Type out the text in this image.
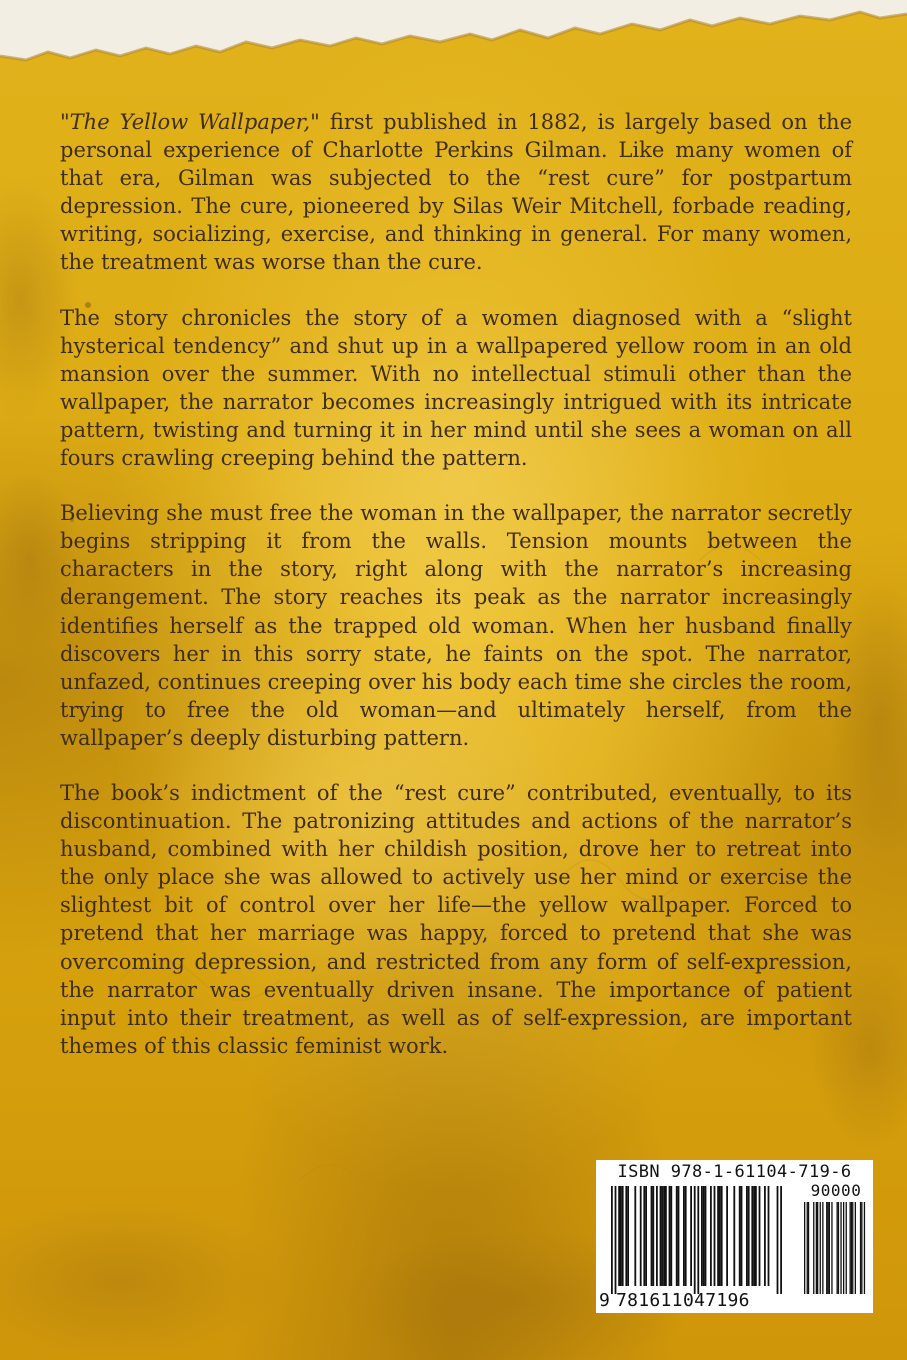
"The Yellow Wallpaper," first published in 1882, is largely based on the personal experience of Charlotte Perkins Gilman. Like many women of that era, Gilman was subjected to the “rest cure” for postpartum depression. The cure, pioneered by Silas Weir Mitchell, forbade reading, writing, socializing, exercise, and thinking in general. For many women, the treatment was worse than the cure.

The story chronicles the story of a women diagnosed with a “slight hysterical tendency” and shut up in a wallpapered yellow room in an old mansion over the summer. With no intellectual stimuli other than the wallpaper, the narrator becomes increasingly intrigued with its intricate pattern, twisting and turning it in her mind until she sees a woman on all fours crawling creeping behind the pattern.

Believing she must free the woman in the wallpaper, the narrator secretly begins stripping it from the walls. Tension mounts between the characters in the story, right along with the narrator’s increasing derangement. The story reaches its peak as the narrator increasingly identifies herself as the trapped old woman. When her husband finally discovers her in this sorry state, he faints on the spot. The narrator, unfazed, continues creeping over his body each time she circles the room, trying to free the old woman—and ultimately herself, from the wallpaper’s deeply disturbing pattern.

The book’s indictment of the “rest cure” contributed, eventually, to its discontinuation. The patronizing attitudes and actions of the narrator’s husband, combined with her childish position, drove her to retreat into the only place she was allowed to actively use her mind or exercise the slightest bit of control over her life—the yellow wallpaper. Forced to pretend that her marriage was happy, forced to pretend that she was overcoming depression, and restricted from any form of self-expression, the narrator was eventually driven insane. The importance of patient input into their treatment, as well as of self-expression, are important themes of this classic feminist work.

ISBN 978-1-61104-719-6
90000
9 781611 047196
